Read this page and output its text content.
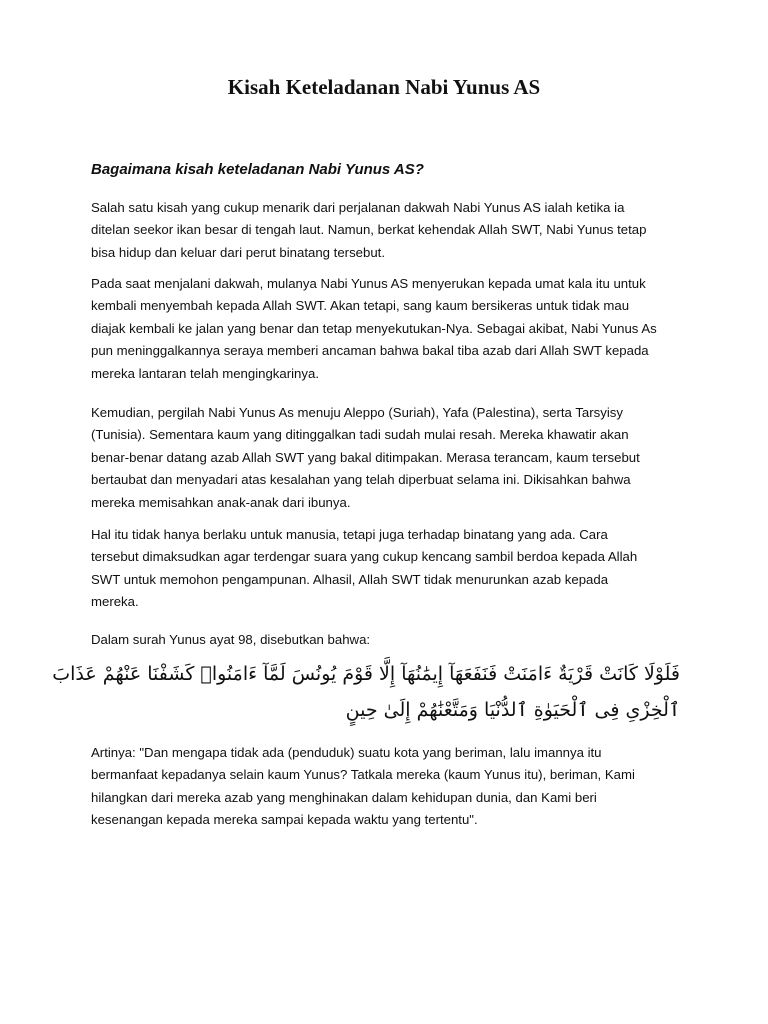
Kisah Keteladanan Nabi Yunus AS

Bagaimana kisah keteladanan Nabi Yunus AS?

Salah satu kisah yang cukup menarik dari perjalanan dakwah Nabi Yunus AS ialah ketika ia
ditelan seekor ikan besar di tengah laut. Namun, berkat kehendak Allah SWT, Nabi Yunus tetap
bisa hidup dan keluar dari perut binatang tersebut.

Pada saat menjalani dakwah, mulanya Nabi Yunus AS menyerukan kepada umat kala itu untuk
kembali menyembah kepada Allah SWT. Akan tetapi, sang kaum bersikeras untuk tidak mau
diajak kembali ke jalan yang benar dan tetap menyekutukan-Nya. Sebagai akibat, Nabi Yunus As
pun meninggalkannya seraya memberi ancaman bahwa bakal tiba azab dari Allah SWT kepada
mereka lantaran telah mengingkarinya.

Kemudian, pergilah Nabi Yunus As menuju Aleppo (Suriah), Yafa (Palestina), serta Tarsyisy
(Tunisia). Sementara kaum yang ditinggalkan tadi sudah mulai resah. Mereka khawatir akan
benar-benar datang azab Allah SWT yang bakal ditimpakan. Merasa terancam, kaum tersebut
bertaubat dan menyadari atas kesalahan yang telah diperbuat selama ini. Dikisahkan bahwa
mereka memisahkan anak-anak dari ibunya.

Hal itu tidak hanya berlaku untuk manusia, tetapi juga terhadap binatang yang ada. Cara
tersebut dimaksudkan agar terdengar suara yang cukup kencang sambil berdoa kepada Allah
SWT untuk memohon pengampunan. Alhasil, Allah SWT tidak menurunkan azab kepada
mereka.

Dalam surah Yunus ayat 98, disebutkan bahwa:

فَلَوْلَا كَانَتْ قَرْيَةٌ ءَامَنَتْ فَنَفَعَهَآ إِيمَٰنُهَآ إِلَّا قَوْمَ يُونُسَ لَمَّآ ءَامَنُوا۟ كَشَفْنَا عَنْهُمْ عَذَابَ
ٱلْخِزْىِ فِى ٱلْحَيَوٰةِ ٱلدُّنْيَا وَمَتَّعْنَٰهُمْ إِلَىٰ حِينٍ

Artinya: "Dan mengapa tidak ada (penduduk) suatu kota yang beriman, lalu imannya itu
bermanfaat kepadanya selain kaum Yunus? Tatkala mereka (kaum Yunus itu), beriman, Kami
hilangkan dari mereka azab yang menghinakan dalam kehidupan dunia, dan Kami beri
kesenangan kepada mereka sampai kepada waktu yang tertentu".
